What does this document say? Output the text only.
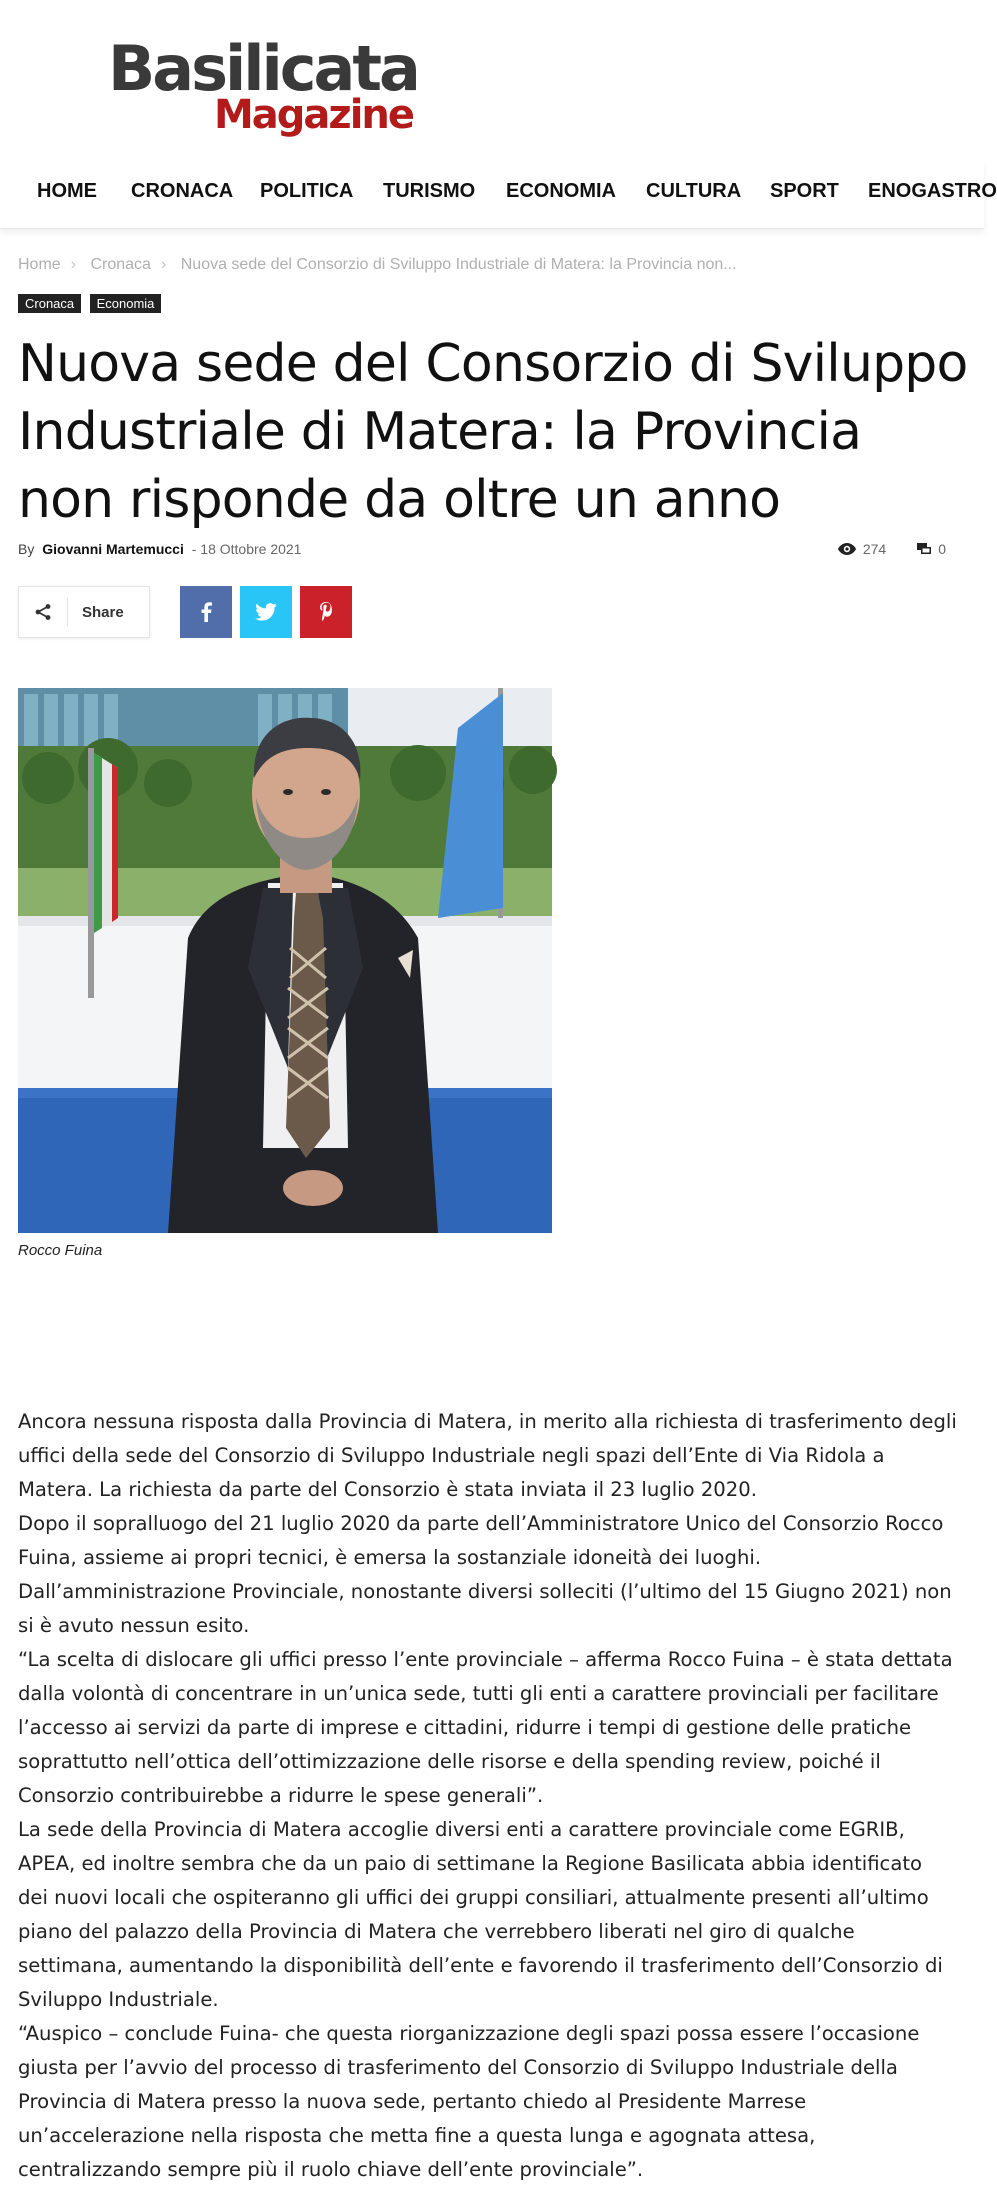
Basilicata
Magazine
HOME CRONACA POLITICA TURISMO ECONOMIA CULTURA SPORT ENOGASTRO
Home › Cronaca › Nuova sede del Consorzio di Sviluppo Industriale di Matera: la Provincia non...
Cronaca Economia
Nuova sede del Consorzio di Sviluppo Industriale di Matera: la Provincia non risponde da oltre un anno
By Giovanni Martemucci - 18 Ottobre 2021	274	0
Share
Rocco Fuina

Ancora nessuna risposta dalla Provincia di Matera, in merito alla richiesta di trasferimento degli uffici della sede del Consorzio di Sviluppo Industriale negli spazi dell’Ente di Via Ridola a Matera. La richiesta da parte del Consorzio è stata inviata il 23 luglio 2020.

Dopo il sopralluogo del 21 luglio 2020 da parte dell’Amministratore Unico del Consorzio Rocco Fuina, assieme ai propri tecnici, è emersa la sostanziale idoneità dei luoghi.

Dall’amministrazione Provinciale, nonostante diversi solleciti (l’ultimo del 15 Giugno 2021) non si è avuto nessun esito.

“La scelta di dislocare gli uffici presso l’ente provinciale – afferma Rocco Fuina – è stata dettata dalla volontà di concentrare in un’unica sede, tutti gli enti a carattere provinciali per facilitare l’accesso ai servizi da parte di imprese e cittadini, ridurre i tempi di gestione delle pratiche soprattutto nell’ottica dell’ottimizzazione delle risorse e della spending review, poiché il Consorzio contribuirebbe a ridurre le spese generali”.

La sede della Provincia di Matera accoglie diversi enti a carattere provinciale come EGRIB, APEA, ed inoltre sembra che da un paio di settimane la Regione Basilicata abbia identificato dei nuovi locali che ospiteranno gli uffici dei gruppi consiliari, attualmente presenti all’ultimo piano del palazzo della Provincia di Matera che verrebbero liberati nel giro di qualche settimana, aumentando la disponibilità dell’ente e favorendo il trasferimento dell’Consorzio di Sviluppo Industriale.

“Auspico – conclude Fuina- che questa riorganizzazione degli spazi possa essere l’occasione giusta per l’avvio del processo di trasferimento del Consorzio di Sviluppo Industriale della Provincia di Matera presso la nuova sede, pertanto chiedo al Presidente Marrese un’accelerazione nella risposta che metta fine a questa lunga e agognata attesa, centralizzando sempre più il ruolo chiave dell’ente provinciale”.
